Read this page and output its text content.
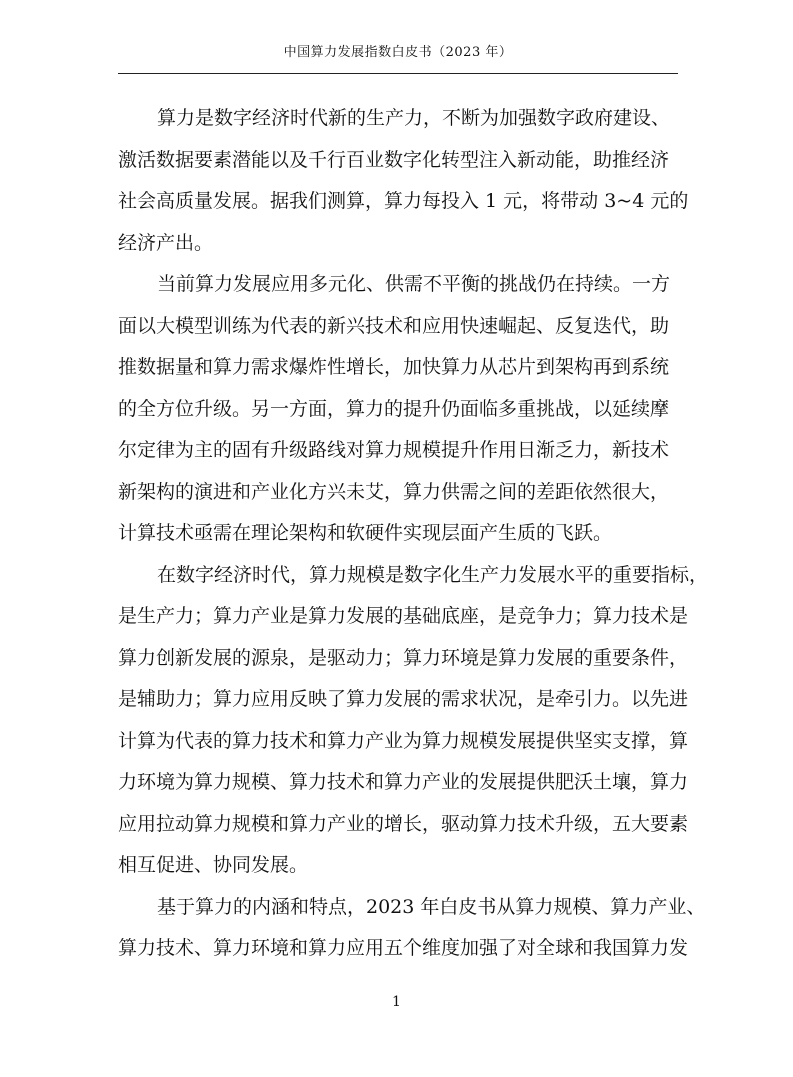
中国算力发展指数白皮书（2023 年）
算力是数字经济时代新的生产力，不断为加强数字政府建设、
激活数据要素潜能以及千行百业数字化转型注入新动能，助推经济
社会高质量发展。据我们测算，算力每投入 1 元，将带动 3~4 元的
经济产出。
当前算力发展应用多元化、供需不平衡的挑战仍在持续。一方
面以大模型训练为代表的新兴技术和应用快速崛起、反复迭代，助
推数据量和算力需求爆炸性增长，加快算力从芯片到架构再到系统
的全方位升级。另一方面，算力的提升仍面临多重挑战，以延续摩
尔定律为主的固有升级路线对算力规模提升作用日渐乏力，新技术
新架构的演进和产业化方兴未艾，算力供需之间的差距依然很大，
计算技术亟需在理论架构和软硬件实现层面产生质的飞跃。
在数字经济时代，算力规模是数字化生产力发展水平的重要指标，
是生产力；算力产业是算力发展的基础底座，是竞争力；算力技术是
算力创新发展的源泉，是驱动力；算力环境是算力发展的重要条件，
是辅助力；算力应用反映了算力发展的需求状况，是牵引力。以先进
计算为代表的算力技术和算力产业为算力规模发展提供坚实支撑，算
力环境为算力规模、算力技术和算力产业的发展提供肥沃土壤，算力
应用拉动算力规模和算力产业的增长，驱动算力技术升级，五大要素
相互促进、协同发展。
基于算力的内涵和特点，2023 年白皮书从算力规模、算力产业、
算力技术、算力环境和算力应用五个维度加强了对全球和我国算力发
1
